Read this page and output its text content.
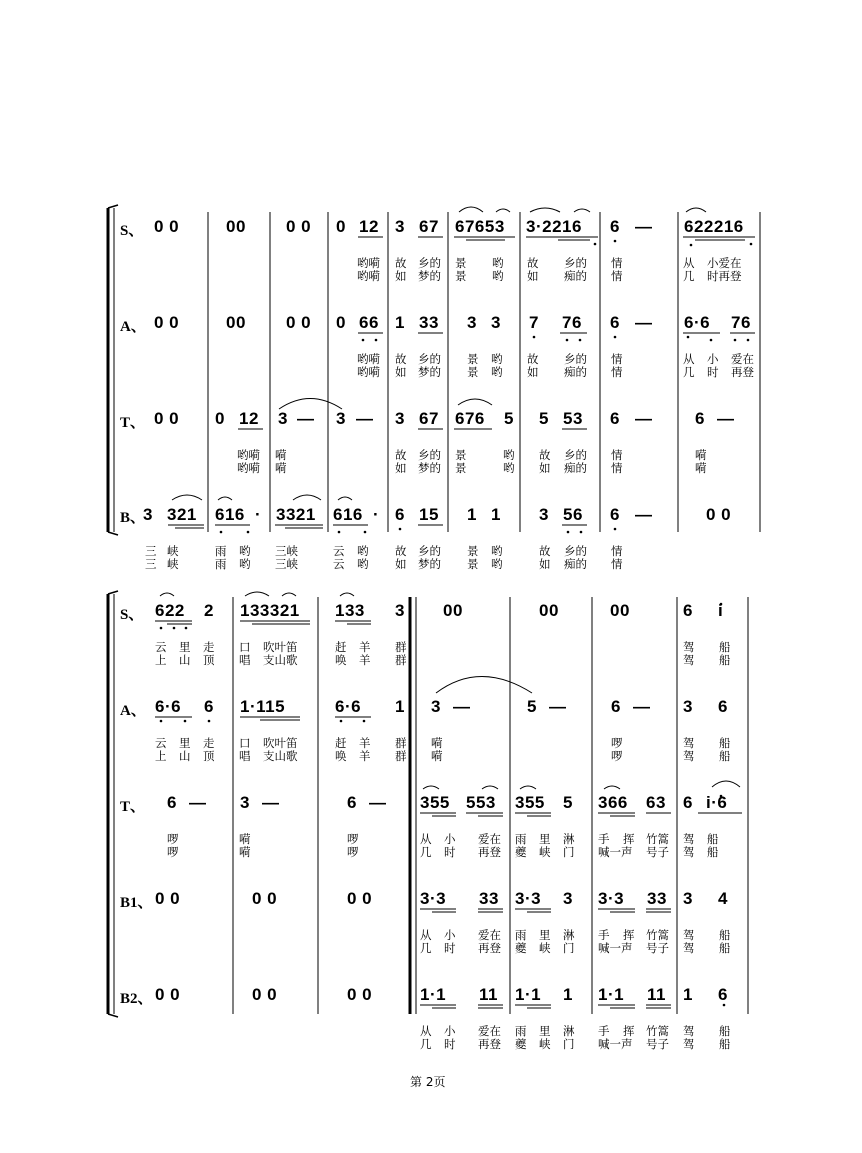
S、
A、
T、
B、
0 0	00 0 0 0 12 3 67 67653 3·2216 6 — 622216
哟嗬 故 乡的 景 哟 故 乡的 情	从 小爱在
哟嗬 如 梦的 景 哟 如 痴的 情	几 时再登
0 0	00 0 0 0 66 1 33 3 3 7 76 6 — 6·6 76
哟嗬 故 乡的 景 哟 故 乡的 情	从 小 爱在
哟嗬 如 梦的 景 哟 如 痴的 情	几 时 再登
0 0 0 12 3 — 3 — 3 67 676 5 5 53 6 —	6 —
哟嗬 嗬	故 乡的 景	哟 故 乡的 情	嗬
哟嗬 嗬	如 梦的 景	哟 如 痴的 情	嗬
3 321 616 · 3321 616 · 6 15 1 1 3 56 6 —	0 0
三 峡	雨 哟 三峡	云 哟 故 乡的 景 哟	故 乡的 情
三 峡	雨 哟 三峡	云 哟 如 梦的 景 哟	如 痴的 情
S、
A、
T、
B1、
B2、
622 2 133321 133 3 00	00	00	6 i
云 里 走 口 吹叶笛	赶 羊 群	驾 船
上 山 顶 唱 支山歌	唤 羊 群	驾 船
6·6 6 1·115	6·6 1 3 —	5 —	6 — 3 6
云 里 走 口 吹叶笛	赶 羊 群 嗬	啰	驾 船
上 山 顶 唱 支山歌	唤 羊 群 嗬	啰	驾 船
6 — 3 —	6 — 355 553 355 5 366 63 6 i·6
啰	嗬	啰	从 小 爱在 雨 里 淋 手 挥 竹篙 驾 船
啰	嗬	啰	几 时 再登 夔 峡 门 喊一声 号子 驾 船
0 0	0 0	0 0	3·3 33 3·3 3 3·3 33 3 4
从 小 爱在 雨 里 淋 手 挥 竹篙 驾 船
几 时 再登 夔 峡 门 喊一声 号子 驾 船
0 0	0 0	0 0	1·1 11 1·1 1 1·1 11 1 6
从 小 爱在 雨 里 淋 手 挥 竹篙 驾 船
几 时 再登 夔 峡 门 喊一声 号子 驾 船
第 2页
